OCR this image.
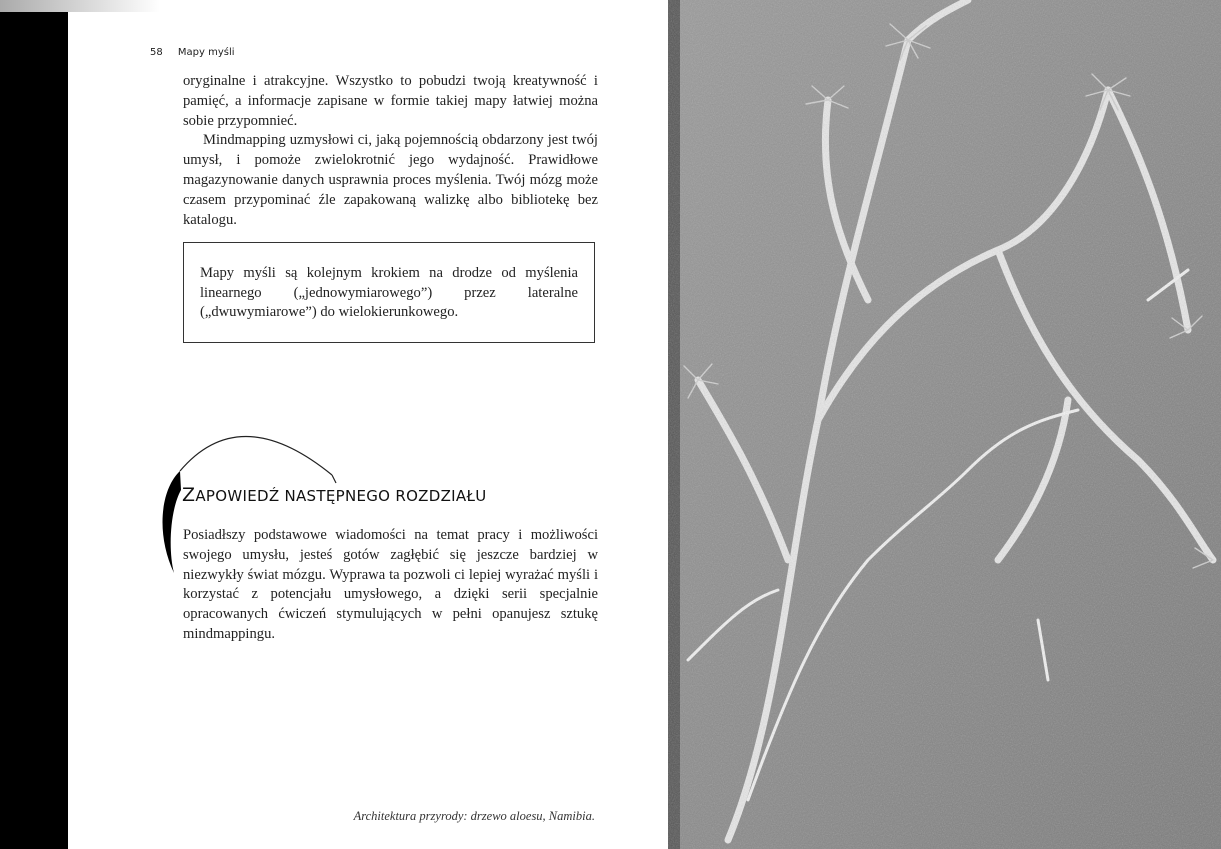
58 Mapy myśli

oryginalne i atrakcyjne. Wszystko to pobudzi twoją kreatywność i pamięć, a informacje zapisane w formie takiej mapy łatwiej można sobie przypomnieć.

Mindmapping uzmysłowi ci, jaką pojemnością obdarzony jest twój umysł, i pomoże zwielokrotnić jego wydajność. Prawidłowe magazynowanie danych usprawnia proces myślenia. Twój mózg może czasem przypominać źle zapakowaną walizkę albo bibliotekę bez katalogu.

Mapy myśli są kolejnym krokiem na drodze od myślenia linearnego („jednowymiarowego”) przez lateralne („dwuwymiarowe”) do wielokierunkowego.
ZAPOWIEDŹ NASTĘPNEGO ROZDZIAŁU

Posiadłszy podstawowe wiadomości na temat pracy i możliwości swojego umysłu, jesteś gotów zagłębić się jeszcze bardziej w niezwykły świat mózgu. Wyprawa ta pozwoli ci lepiej wyrażać myśli i korzystać z potencjału umysłowego, a dzięki serii specjalnie opracowanych ćwiczeń stymulujących w pełni opanujesz sztukę mindmappingu.

Architektura przyrody: drzewo aloesu, Namibia.
